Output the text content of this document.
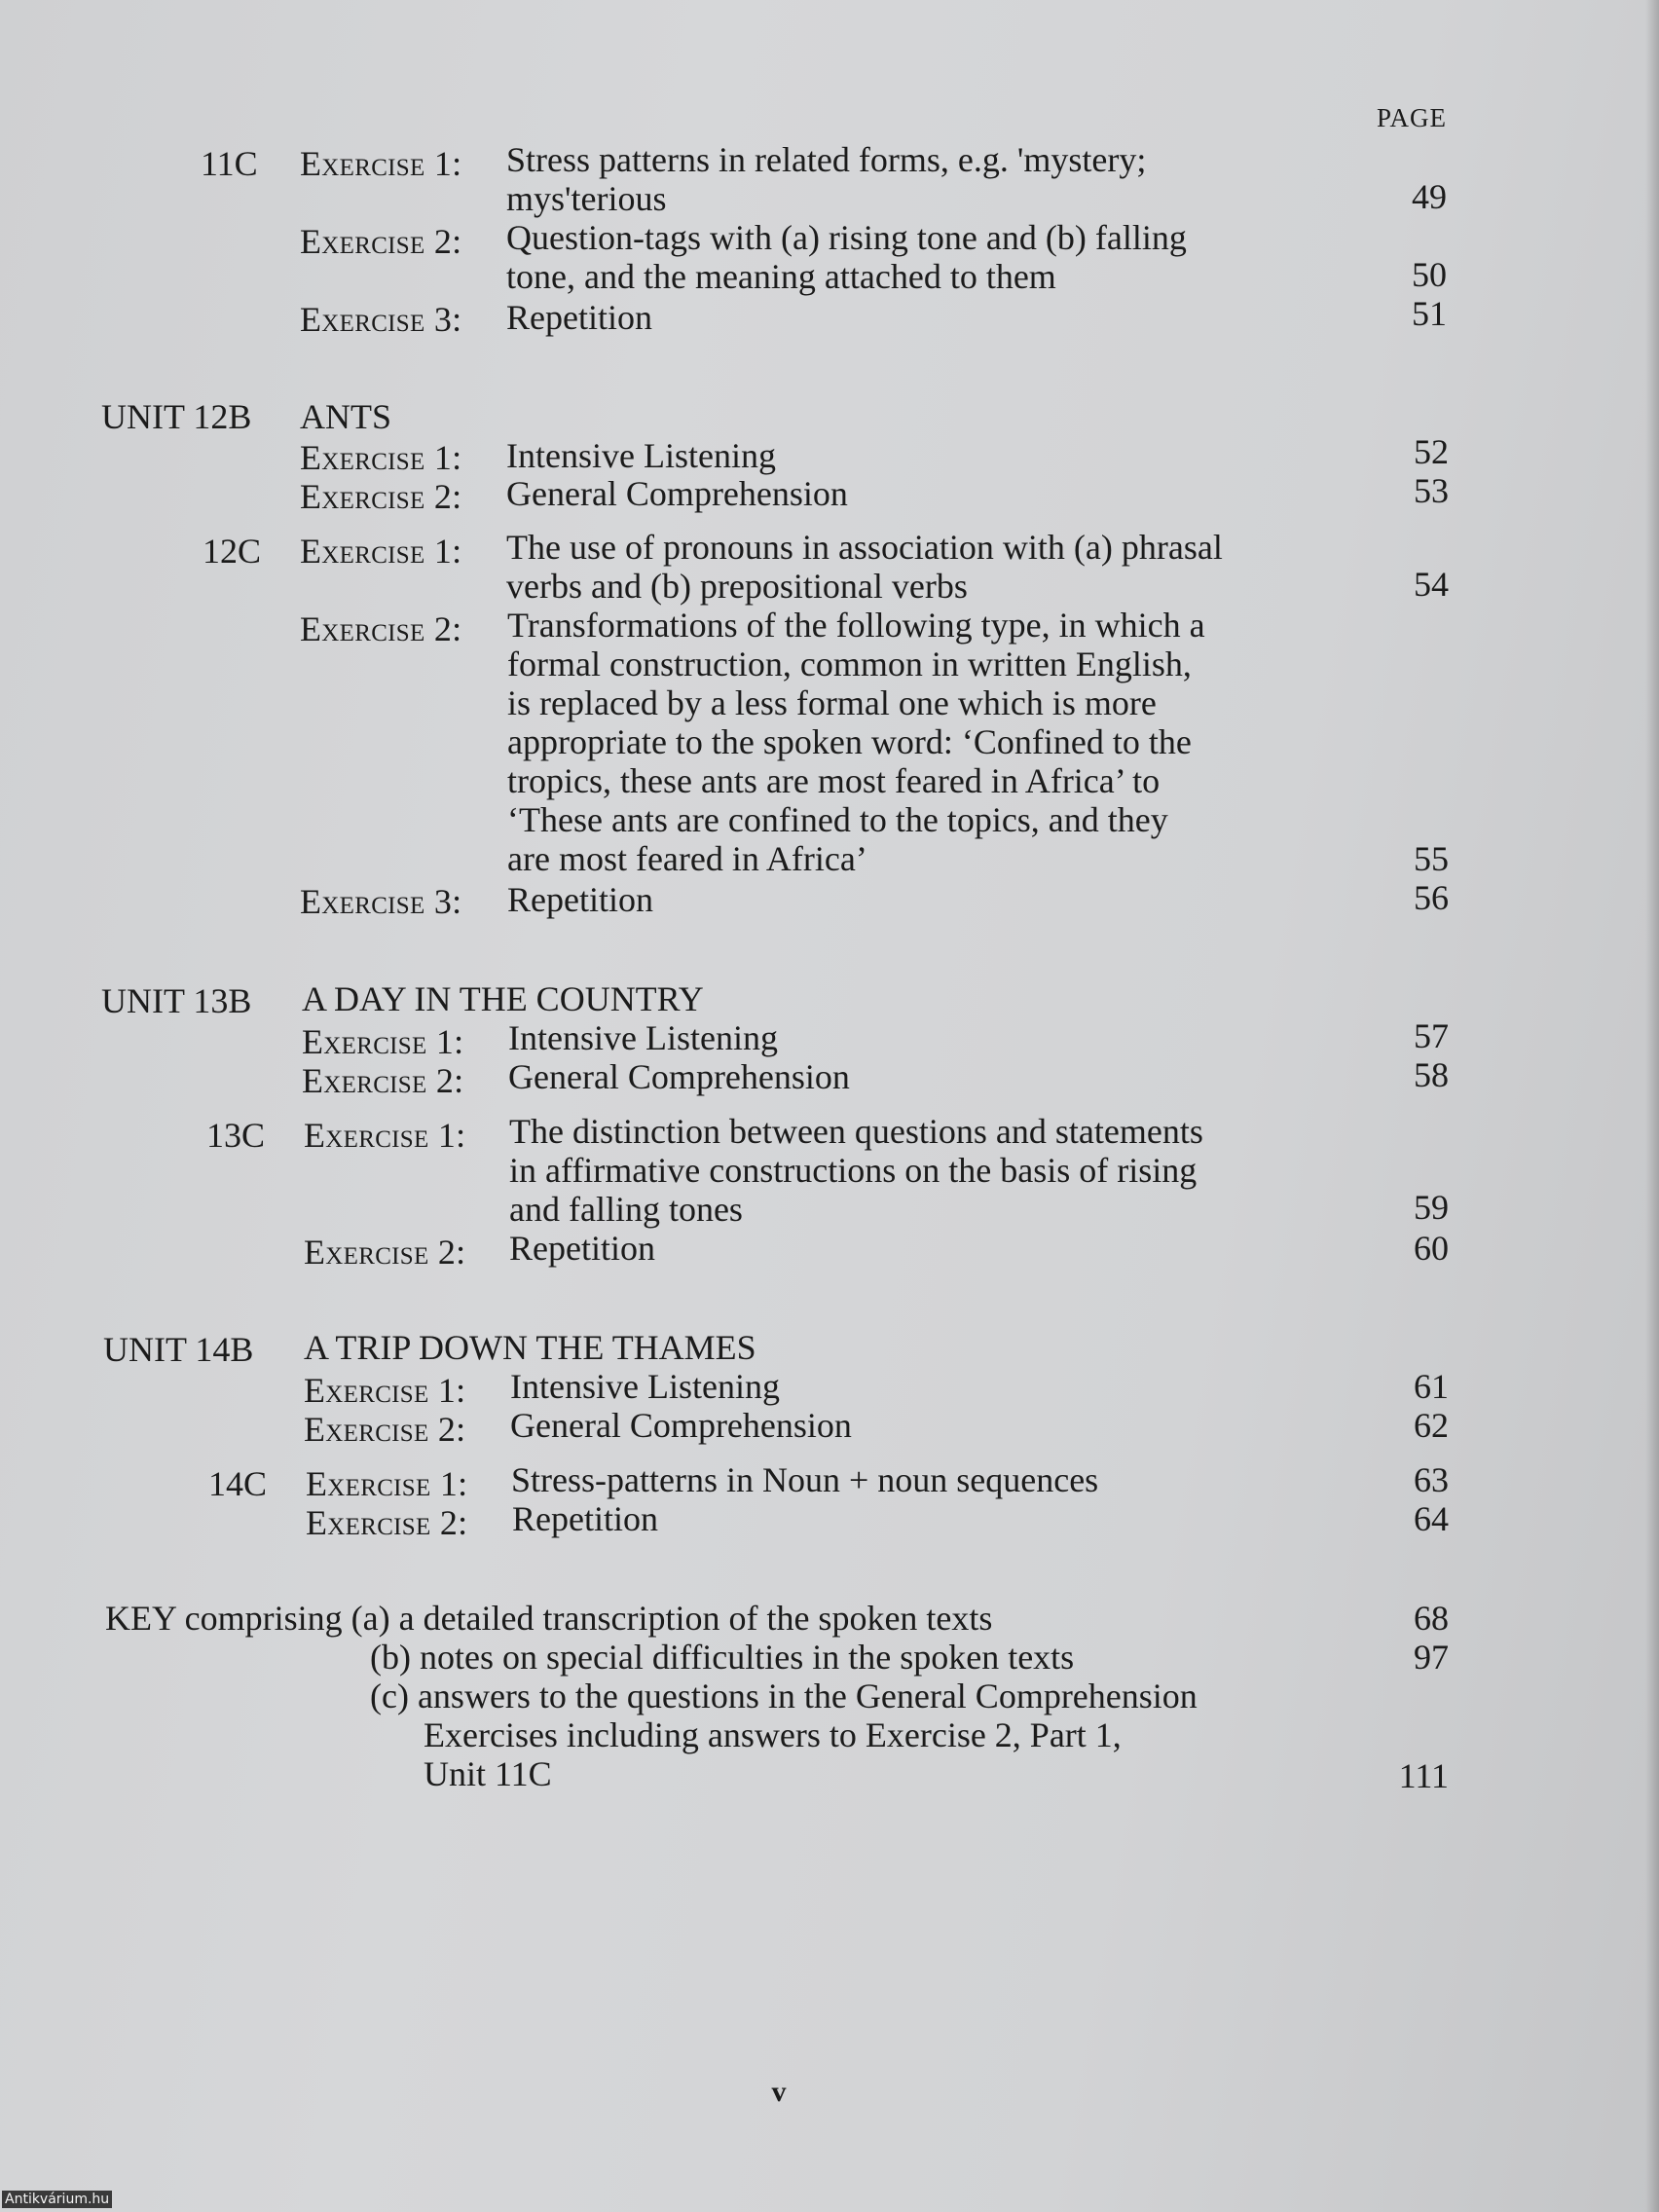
PAGE
11C Exercise 1: Stress patterns in related forms, e.g. 'mystery;
mys'terious	49
Exercise 2: Question-tags with (a) rising tone and (b) falling
tone, and the meaning attached to them	50
Exercise 3: Repetition	51
UNIT 12B ANTS
Exercise 1: Intensive Listening	52
Exercise 2: General Comprehension	53
12C Exercise 1: The use of pronouns in association with (a) phrasal
verbs and (b) prepositional verbs	54
Exercise 2: Transformations of the following type, in which a
formal construction, common in written English,
is replaced by a less formal one which is more
appropriate to the spoken word: ‘Confined to the
tropics, these ants are most feared in Africa’ to
‘These ants are confined to the topics, and they
are most feared in Africa’	55
Exercise 3: Repetition	56
UNIT 13B A DAY IN THE COUNTRY
Exercise 1: Intensive Listening	57
Exercise 2: General Comprehension	58
13C Exercise 1: The distinction between questions and statements
in affirmative constructions on the basis of rising
and falling tones	59
Exercise 2: Repetition	60
UNIT 14B A TRIP DOWN THE THAMES
Exercise 1: Intensive Listening	61
Exercise 2: General Comprehension	62
14C Exercise 1: Stress-patterns in Noun + noun sequences	63
Exercise 2: Repetition	64
KEY comprising (a) a detailed transcription of the spoken texts	68
(b) notes on special difficulties in the spoken texts	97
(c) answers to the questions in the General Comprehension
Exercises including answers to Exercise 2, Part 1,
Unit 11C	111
v
Antikvárium.hu
